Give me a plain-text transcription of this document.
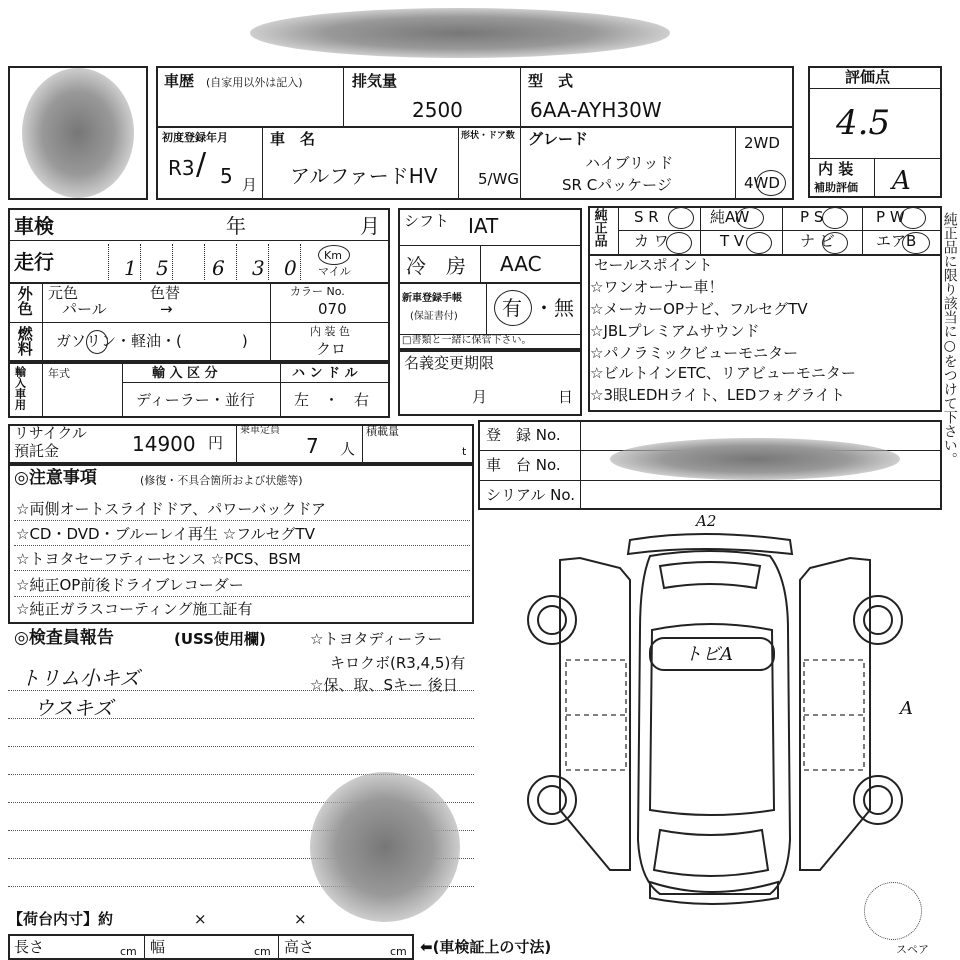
車歴 (自家用以外は記入)	排気量
2500
型　式
6AA-AYH30W
評価点
4.5
内 装
補助評価 A
初度登録年月
R3 / 5 月
車　名
アルファードHV
形状・ドア数
5/WG
グレード
ハイブリッド
SR Cパッケージ
2WD
4WD
車検	年	月
走行	1 5 6 3 0
Km
マイル
シフト IAT
冷　房 AAC
純正品 S R	純AW	P S	P W
カ ワ	T V	ナ ビ	エアB 純正品に限り該当に○をつけて下さい。
外色 元色	色替
パール	→
カラー No.
070
燃料 ガソリン・軽油・(　　　　)
内 装 色
クロ
新車登録手帳
(保証書付) 有 ・無
□書類と一緒に保管下さい。
セールスポイント
☆ワンオーナー車！
☆メーカーOPナビ、フルセグTV
☆JBLプレミアムサウンド
☆パノラミックビューモニター
☆ビルトインETC、リアビューモニター
☆3眼LEDHライト、LEDフォグライト
輸入車用 年式	輸 入 区 分
ディーラー・並行
ハ ン ド ル
左　・　右
名義変更期限
月	日
リサイクル
預託金	14900 円
乗車定員
7 人
積載量
t
登　録 No.
車　台 No.
シリアル No.
◎注意事項	(修復・不具合箇所および状態等)
☆両側オートスライドドア、パワーバックドア
☆CD・DVD・ブルーレイ再生 ☆フルセグTV
☆トヨタセーフティーセンス ☆PCS、BSM
☆純正OP前後ドライブレコーダー
☆純正ガラスコーティング施工証有
◎検査員報告	(USS使用欄)	☆トヨタディーラー
キロクボ(R3,4,5)有
☆保、取、Sキー 後日
トリム小キズ
ウスキズ
A2
トビA
A
スペア
【荷台内寸】約	×	×
長さ	cm 幅	cm 高さ	cm ⬅(車検証上の寸法)
